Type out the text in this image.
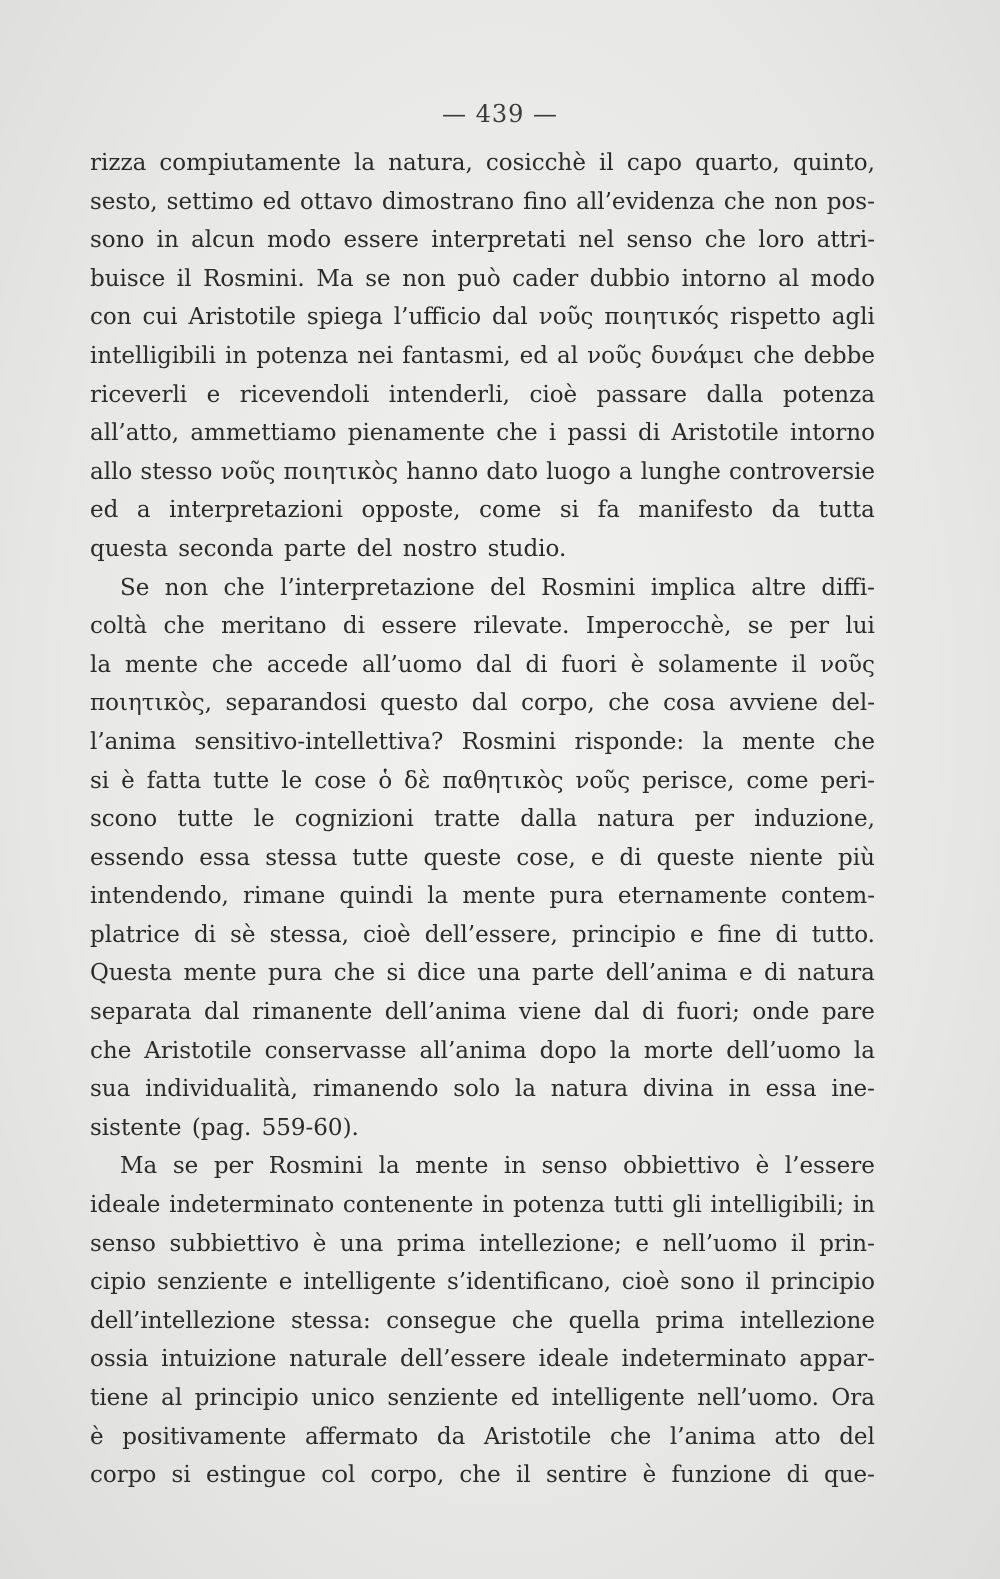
— 439 —
rizza compiutamente la natura, cosicchè il capo quarto, quinto,
sesto, settimo ed ottavo dimostrano fino all’evidenza che non pos-
sono in alcun modo essere interpretati nel senso che loro attri-
buisce il Rosmini. Ma se non può cader dubbio intorno al modo
con cui Aristotile spiega l’ufficio dal νοῦς ποιητικός rispetto agli
intelligibili in potenza nei fantasmi, ed al νοῦς δυνάμει che debbe
riceverli e ricevendoli intenderli, cioè passare dalla potenza
all’atto, ammettiamo pienamente che i passi di Aristotile intorno
allo stesso νοῦς ποιητικὸς hanno dato luogo a lunghe controversie
ed a interpretazioni opposte, come si fa manifesto da tutta
questa seconda parte del nostro studio.
Se non che l’interpretazione del Rosmini implica altre diffi-
coltà che meritano di essere rilevate. Imperocchè, se per lui
la mente che accede all’uomo dal di fuori è solamente il νοῦς
ποιητικὸς, separandosi questo dal corpo, che cosa avviene del-
l’anima sensitivo-intellettiva? Rosmini risponde: la mente che
si è fatta tutte le cose ὁ δὲ παθητικὸς νοῦς perisce, come peri-
scono tutte le cognizioni tratte dalla natura per induzione,
essendo essa stessa tutte queste cose, e di queste niente più
intendendo, rimane quindi la mente pura eternamente contem-
platrice di sè stessa, cioè dell’essere, principio e fine di tutto.
Questa mente pura che si dice una parte dell’anima e di natura
separata dal rimanente dell’anima viene dal di fuori; onde pare
che Aristotile conservasse all’anima dopo la morte dell’uomo la
sua individualità, rimanendo solo la natura divina in essa ine-
sistente (pag. 559-60).
Ma se per Rosmini la mente in senso obbiettivo è l’essere
ideale indeterminato contenente in potenza tutti gli intelligibili; in
senso subbiettivo è una prima intellezione; e nell’uomo il prin-
cipio senziente e intelligente s’identificano, cioè sono il principio
dell’intellezione stessa: consegue che quella prima intellezione
ossia intuizione naturale dell’essere ideale indeterminato appar-
tiene al principio unico senziente ed intelligente nell’uomo. Ora
è positivamente affermato da Aristotile che l’anima atto del
corpo si estingue col corpo, che il sentire è funzione di que-
